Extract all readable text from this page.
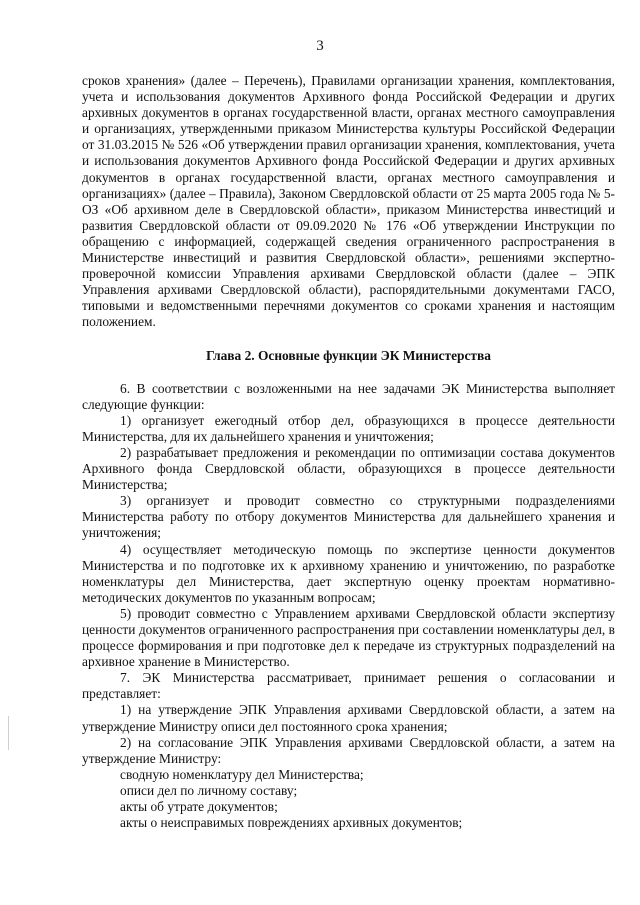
3

сроков хранения» (далее – Перечень), Правилами организации хранения, комплектования, учета и использования документов Архивного фонда Российской Федерации и других архивных документов в органах государственной власти, органах местного самоуправления и организациях, утвержденными приказом Министерства культуры Российской Федерации от 31.03.2015 № 526 «Об утверждении правил организации хранения, комплектования, учета и использования документов Архивного фонда Российской Федерации и других архивных документов в органах государственной власти, органах местного самоуправления и организациях» (далее – Правила), Законом Свердловской области от 25 марта 2005 года № 5-ОЗ «Об архивном деле в Свердловской области», приказом Министерства инвестиций и развития Свердловской области от 09.09.2020 № 176 «Об утверждении Инструкции по обращению с информацией, содержащей сведения ограниченного распространения в Министерстве инвестиций и развития Свердловской области», решениями экспертно-проверочной комиссии Управления архивами Свердловской области (далее – ЭПК Управления архивами Свердловской области), распорядительными документами ГАСО, типовыми и ведомственными перечнями документов со сроками хранения и настоящим положением.

Глава 2. Основные функции ЭК Министерства

6. В соответствии с возложенными на нее задачами ЭК Министерства выполняет следующие функции:

1) организует ежегодный отбор дел, образующихся в процессе деятельности Министерства, для их дальнейшего хранения и уничтожения;

2) разрабатывает предложения и рекомендации по оптимизации состава документов Архивного фонда Свердловской области, образующихся в процессе деятельности Министерства;

3) организует и проводит совместно со структурными подразделениями Министерства работу по отбору документов Министерства для дальнейшего хранения и уничтожения;

4) осуществляет методическую помощь по экспертизе ценности документов Министерства и по подготовке их к архивному хранению и уничтожению, по разработке номенклатуры дел Министерства, дает экспертную оценку проектам нормативно-методических документов по указанным вопросам;

5) проводит совместно с Управлением архивами Свердловской области экспертизу ценности документов ограниченного распространения при составлении номенклатуры дел, в процессе формирования и при подготовке дел к передаче из структурных подразделений на архивное хранение в Министерство.

7. ЭК Министерства рассматривает, принимает решения о согласовании и представляет:

1) на утверждение ЭПК Управления архивами Свердловской области, а затем на утверждение Министру описи дел постоянного срока хранения;

2) на согласование ЭПК Управления архивами Свердловской области, а затем на утверждение Министру:

сводную номенклатуру дел Министерства;

описи дел по личному составу;

акты об утрате документов;

акты о неисправимых повреждениях архивных документов;
